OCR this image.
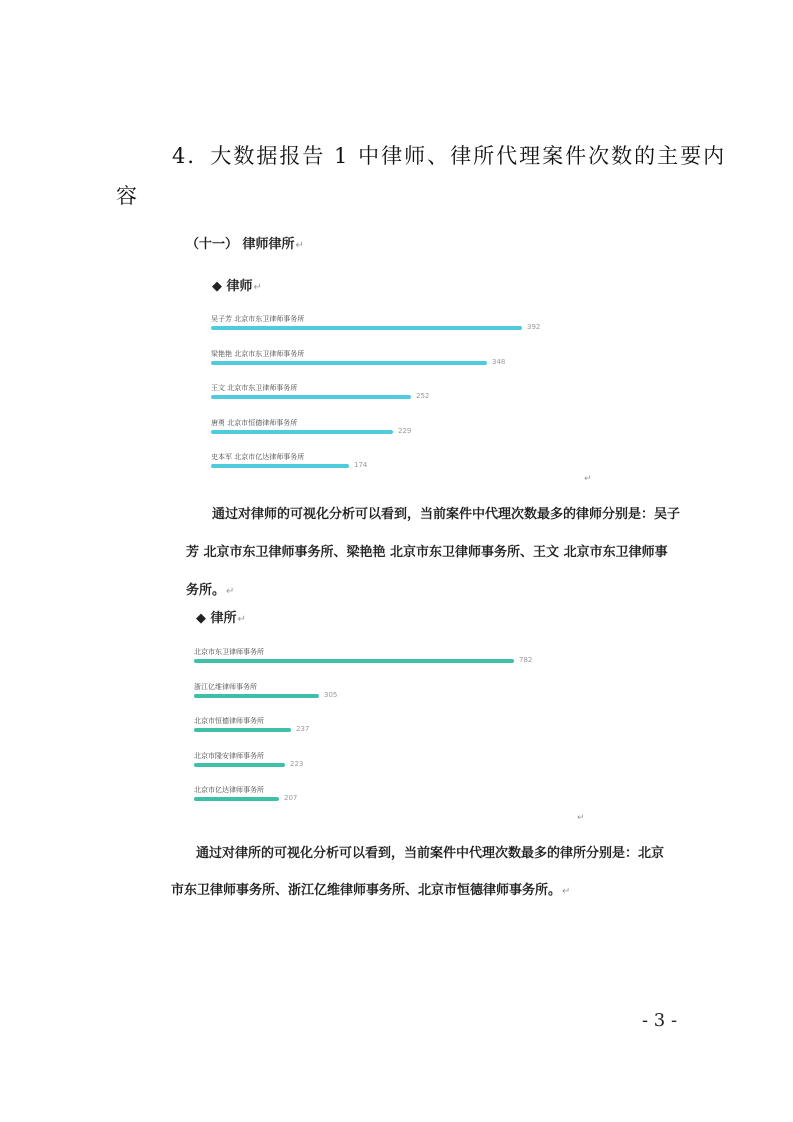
4．大数据报告 1 中律师、律所代理案件次数的主要内
容
（十一） 律师律所↵
◆ 律师↵
吴子芳 北京市东卫律师事务所
392
梁艳艳 北京市东卫律师事务所
348
王文 北京市东卫律师事务所
252
唐勇 北京市恒德律师事务所
229
史本军 北京市亿达律师事务所
174
↵
通过对律师的可视化分析可以看到，当前案件中代理次数最多的律师分别是：吴子
芳 北京市东卫律师事务所、梁艳艳 北京市东卫律师事务所、王文 北京市东卫律师事
务所。↵
◆ 律所↵
北京市东卫律师事务所
782
浙江亿维律师事务所
305
北京市恒德律师事务所
237
北京市隆安律师事务所
223
北京市亿达律师事务所
207
↵
通过对律所的可视化分析可以看到，当前案件中代理次数最多的律所分别是：北京
市东卫律师事务所、浙江亿维律师事务所、北京市恒德律师事务所。↵
- 3 -
